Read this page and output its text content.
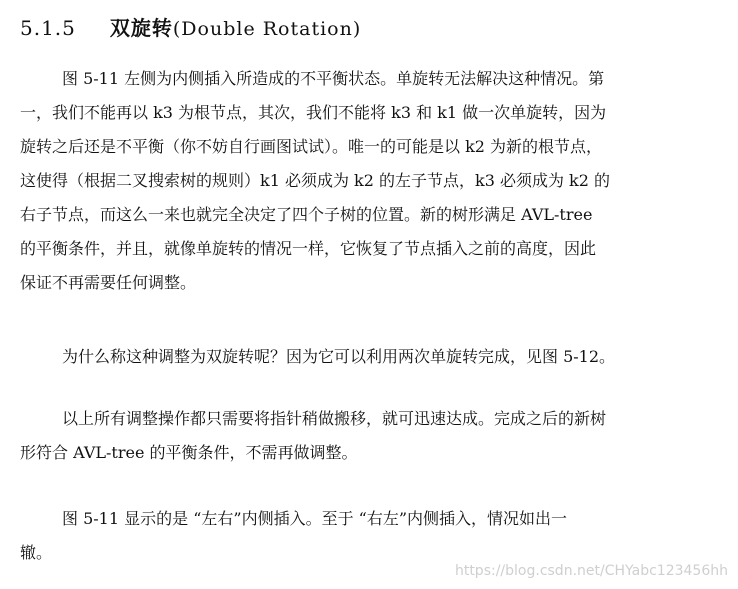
5.1.5 双旋转(Double Rotation)
图 5-11 左侧为内侧插入所造成的不平衡状态。单旋转无法解决这种情况。第
一，我们不能再以 k3 为根节点，其次，我们不能将 k3 和 k1 做一次单旋转，因为
旋转之后还是不平衡（你不妨自行画图试试）。唯一的可能是以 k2 为新的根节点，
这使得（根据二叉搜索树的规则）k1 必须成为 k2 的左子节点，k3 必须成为 k2 的
右子节点，而这么一来也就完全决定了四个子树的位置。新的树形满足 AVL-tree
的平衡条件，并且，就像单旋转的情况一样，它恢复了节点插入之前的高度，因此
保证不再需要任何调整。
为什么称这种调整为双旋转呢？因为它可以利用两次单旋转完成，见图 5-12。
以上所有调整操作都只需要将指针稍做搬移，就可迅速达成。完成之后的新树
形符合 AVL-tree 的平衡条件，不需再做调整。
图 5-11 显示的是 “左右”内侧插入。至于 “右左”内侧插入，情况如出一
辙。
https://blog.csdn.net/CHYabc123456hh
